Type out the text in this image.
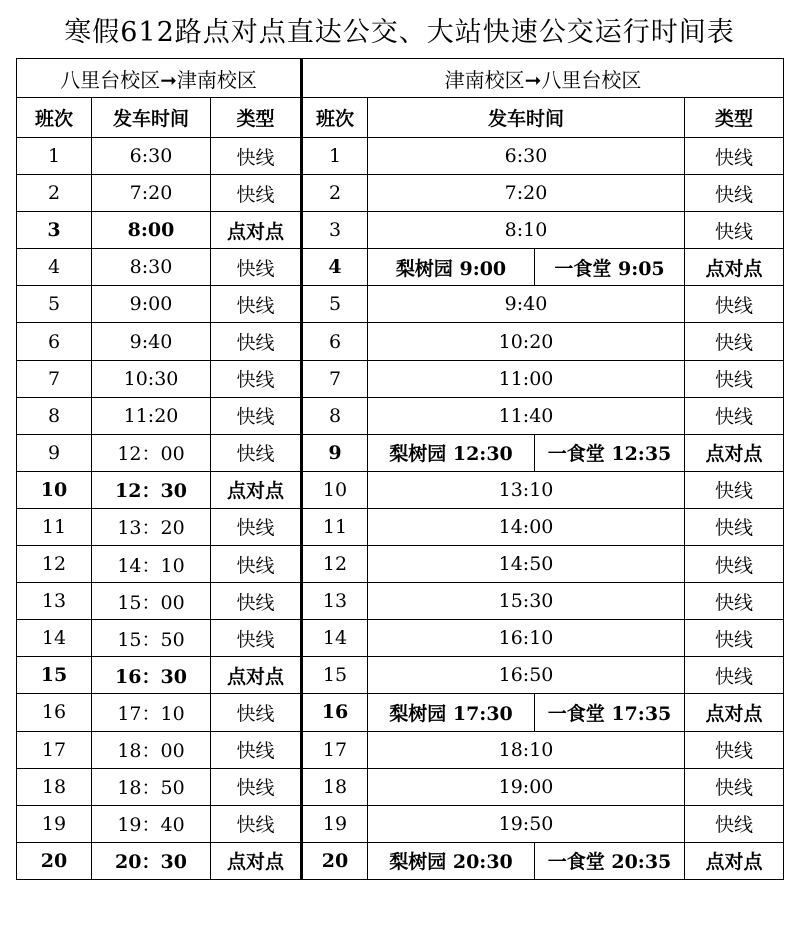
寒假612路点对点直达公交、大站快速公交运行时间表
八里台校区➞津南校区			津南校区➞八里台校区			
班次	发车时间	类型	班次	发车时间		类型
1	6:30	快线	1	6:30		快线
2	7:20	快线	2	7:20		快线
3	8:00	点对点	3	8:10		快线
4	8:30	快线	4	梨树园 9:00	一食堂 9:05	点对点
5	9:00	快线	5	9:40		快线
6	9:40	快线	6	10:20		快线
7	10:30	快线	7	11:00		快线
8	11:20	快线	8	11:40		快线
9	12：00	快线	9	梨树园 12:30	一食堂 12:35	点对点
10	12：30	点对点	10	13:10		快线
11	13：20	快线	11	14:00		快线
12	14：10	快线	12	14:50		快线
13	15：00	快线	13	15:30		快线
14	15：50	快线	14	16:10		快线
15	16：30	点对点	15	16:50		快线
16	17：10	快线	16	梨树园 17:30	一食堂 17:35	点对点
17	18：00	快线	17	18:10		快线
18	18：50	快线	18	19:00		快线
19	19：40	快线	19	19:50		快线
20	20：30	点对点	20	梨树园 20:30	一食堂 20:35	点对点
